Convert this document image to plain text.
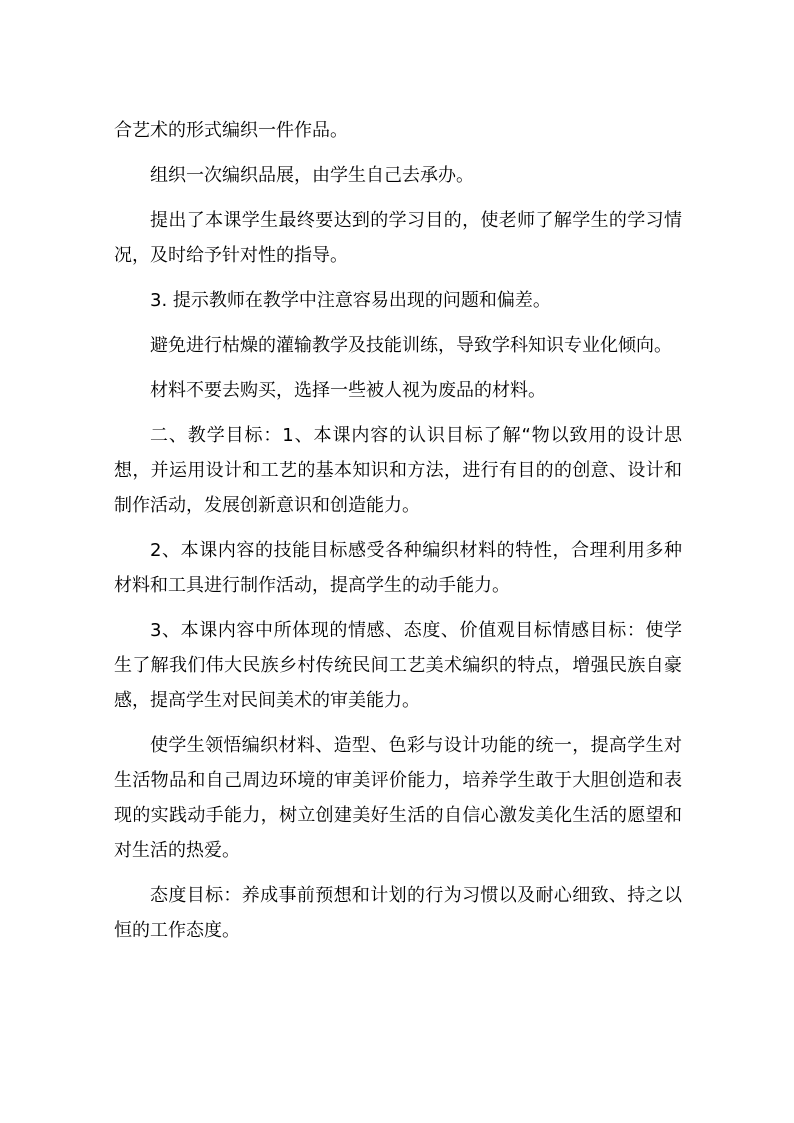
合艺术的形式编织一件作品。

组织一次编织品展，由学生自己去承办。

提出了本课学生最终要达到的学习目的，使老师了解学生的学习情况，及时给予针对性的指导。

3. 提示教师在教学中注意容易出现的问题和偏差。

避免进行枯燥的灌输教学及技能训练，导致学科知识专业化倾向。

材料不要去购买，选择一些被人视为废品的材料。

二、教学目标：1、本课内容的认识目标了解“物以致用的设计思想，并运用设计和工艺的基本知识和方法，进行有目的的创意、设计和制作活动，发展创新意识和创造能力。

2、本课内容的技能目标感受各种编织材料的特性，合理利用多种材料和工具进行制作活动，提高学生的动手能力。

3、本课内容中所体现的情感、态度、价值观目标情感目标：使学生了解我们伟大民族乡村传统民间工艺美术编织的特点，增强民族自豪感，提高学生对民间美术的审美能力。

使学生领悟编织材料、造型、色彩与设计功能的统一，提高学生对生活物品和自己周边环境的审美评价能力，培养学生敢于大胆创造和表现的实践动手能力，树立创建美好生活的自信心激发美化生活的愿望和对生活的热爱。

态度目标：养成事前预想和计划的行为习惯以及耐心细致、持之以恒的工作态度。
